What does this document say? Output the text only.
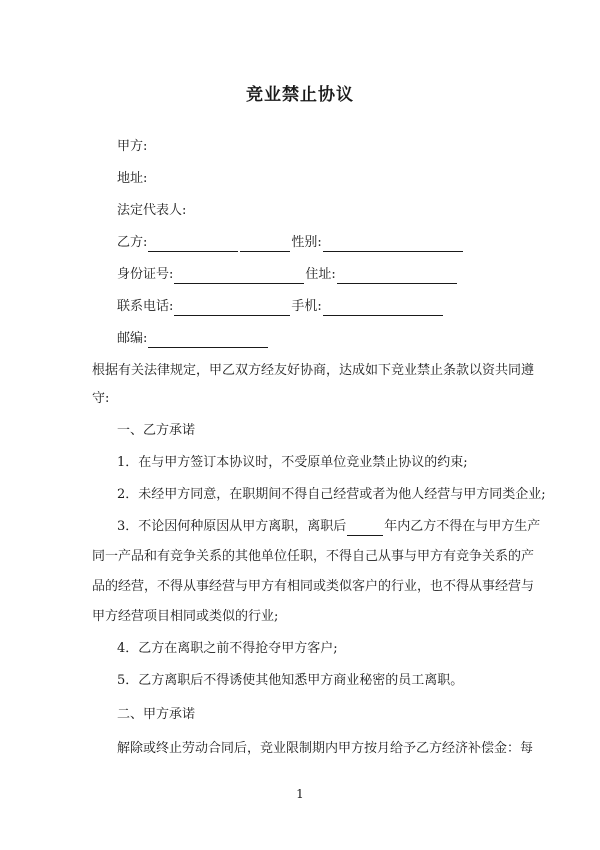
竞业禁止协议
甲方:
地址:
法定代表人:
乙方:	性别:
身份证号:	住址:
联系电话:	手机:
邮编:
根据有关法律规定，甲乙双方经友好协商，达成如下竞业禁止条款以资共同遵
守:
一、乙方承诺
1．在与甲方签订本协议时，不受原单位竞业禁止协议的约束;
2．未经甲方同意，在职期间不得自己经营或者为他人经营与甲方同类企业;
3．不论因何种原因从甲方离职，离职后	年内乙方不得在与甲方生产
同一产品和有竞争关系的其他单位任职，不得自己从事与甲方有竞争关系的产
品的经营，不得从事经营与甲方有相同或类似客户的行业，也不得从事经营与
甲方经营项目相同或类似的行业;
4．乙方在离职之前不得抢夺甲方客户;
5．乙方离职后不得诱使其他知悉甲方商业秘密的员工离职。
二、甲方承诺
解除或终止劳动合同后，竞业限制期内甲方按月给予乙方经济补偿金：每
1
